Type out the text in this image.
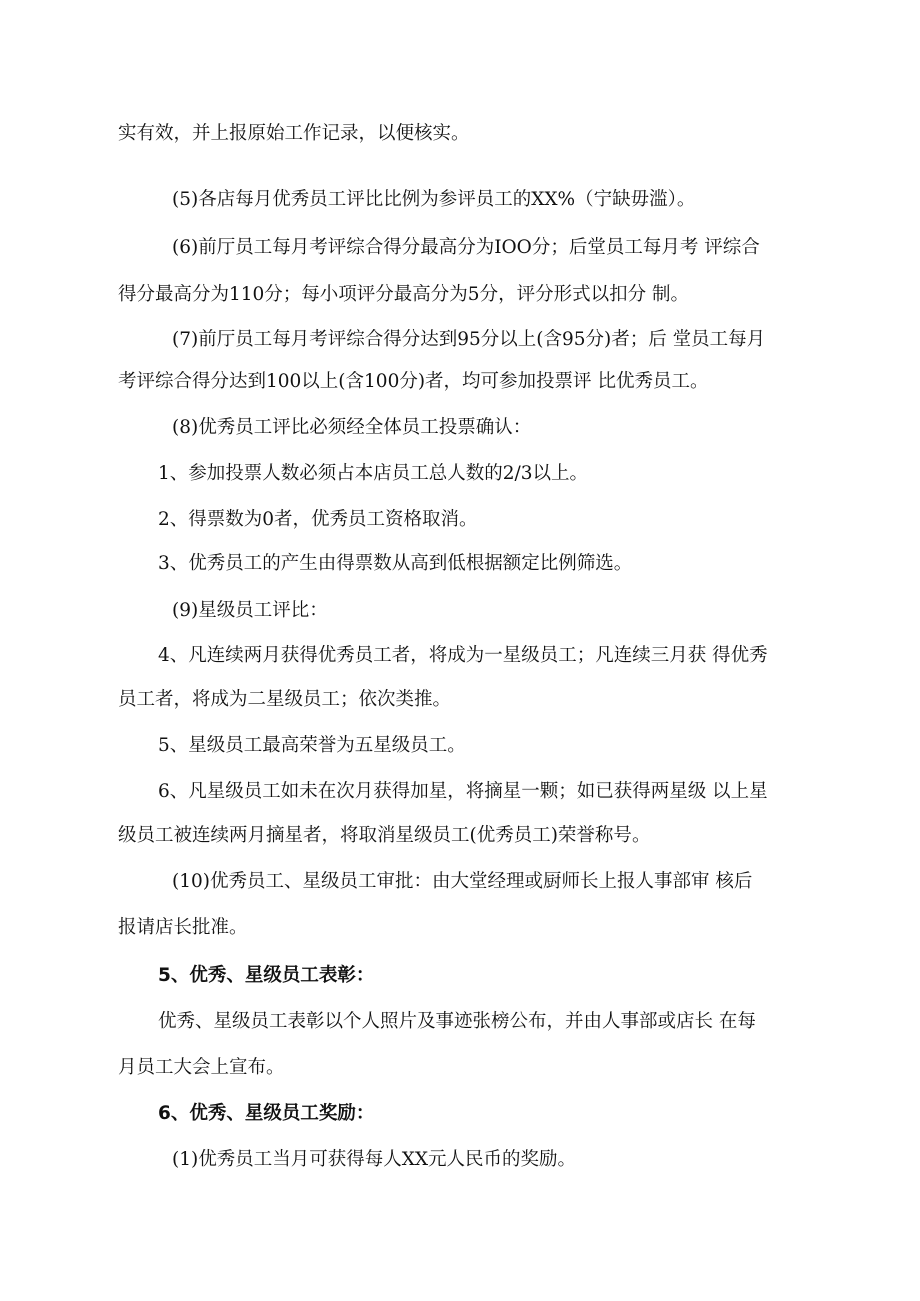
实有效，并上报原始工作记录，以便核实。
(5)各店每月优秀员工评比比例为参评员工的XX%（宁缺毋滥）。
(6)前厅员工每月考评综合得分最高分为IOO分；后堂员工每月考 评综合
得分最高分为110分；每小项评分最高分为5分，评分形式以扣分 制。
(7)前厅员工每月考评综合得分达到95分以上(含95分)者；后 堂员工每月
考评综合得分达到100以上(含100分)者，均可参加投票评 比优秀员工。
(8)优秀员工评比必须经全体员工投票确认：
1、参加投票人数必须占本店员工总人数的2/3以上。
2、得票数为0者，优秀员工资格取消。
3、优秀员工的产生由得票数从高到低根据额定比例筛选。
(9)星级员工评比：
4、凡连续两月获得优秀员工者，将成为一星级员工；凡连续三月获 得优秀
员工者，将成为二星级员工；依次类推。
5、星级员工最高荣誉为五星级员工。
6、凡星级员工如未在次月获得加星，将摘星一颗；如已获得两星级 以上星
级员工被连续两月摘星者，将取消星级员工(优秀员工)荣誉称号。
(10)优秀员工、星级员工审批：由大堂经理或厨师长上报人事部审 核后
报请店长批准。
5、优秀、星级员工表彰：
优秀、星级员工表彰以个人照片及事迹张榜公布，并由人事部或店长 在每
月员工大会上宣布。
6、优秀、星级员工奖励：
(1)优秀员工当月可获得每人XX元人民币的奖励。
